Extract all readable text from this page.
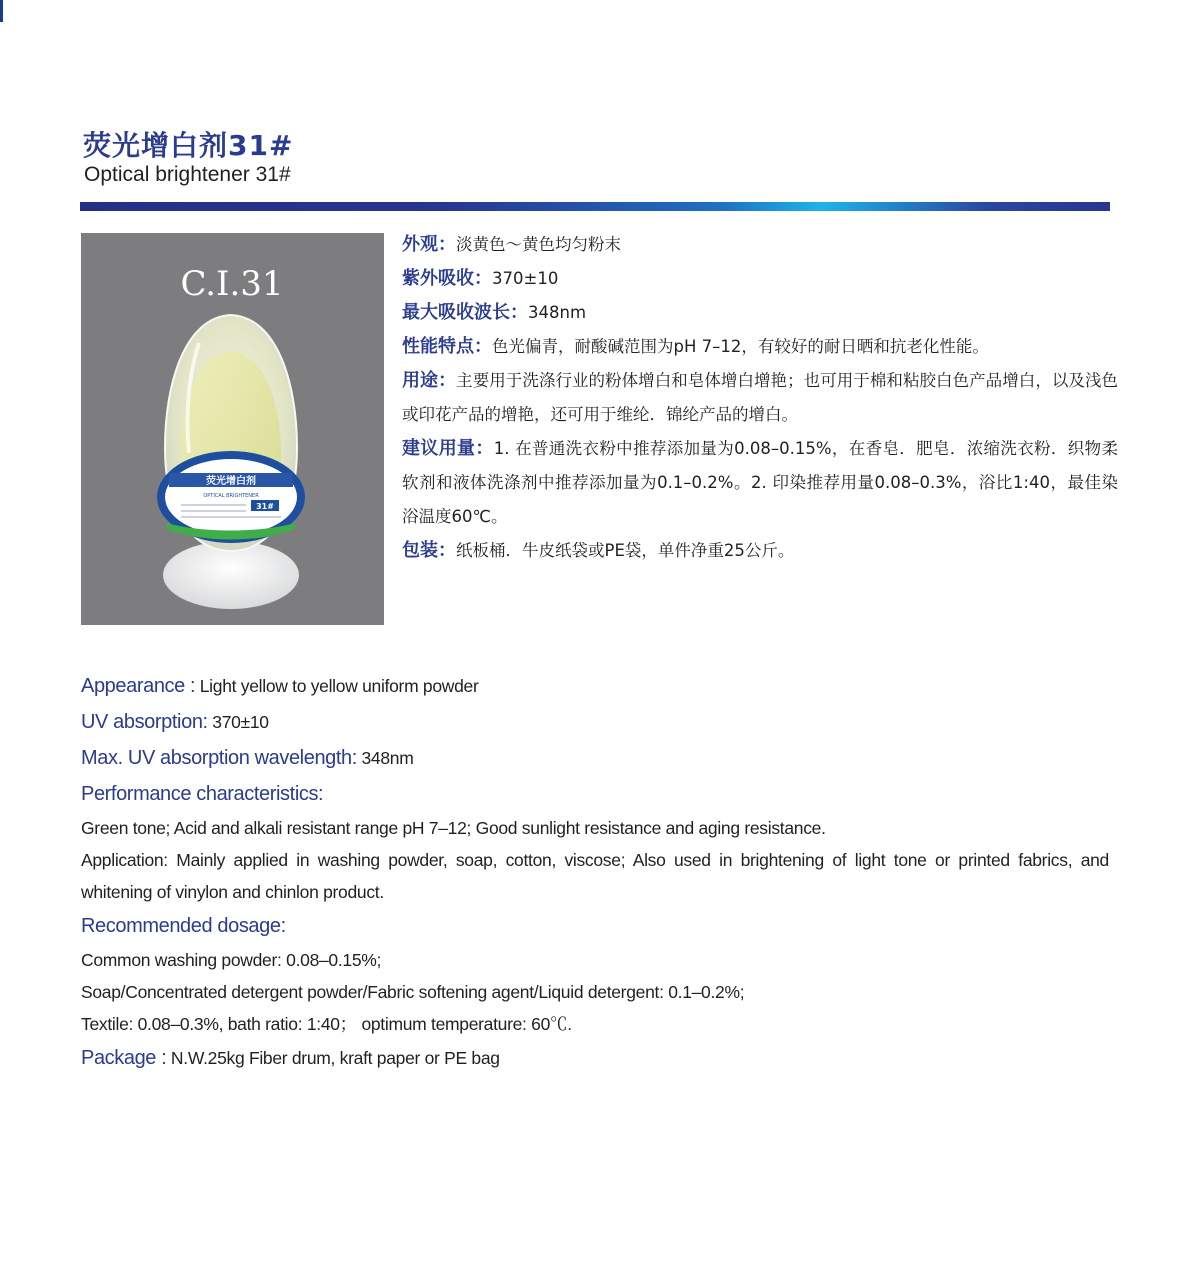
荧光增白剂31#
Optical brightener 31#
C.I.31
荧光增白剂
OPTICAL BRIGHTENER
31#

外观：淡黄色～黄色均匀粉末

紫外吸收：370±10

最大吸收波长：348nm

性能特点：色光偏青，耐酸碱范围为pH 7–12，有较好的耐日晒和抗老化性能。

用途：主要用于洗涤行业的粉体增白和皂体增白增艳；也可用于棉和粘胶白色产品增白，以及浅色或印花产品的增艳，还可用于维纶．锦纶产品的增白。

建议用量：1. 在普通洗衣粉中推荐添加量为0.08–0.15%，在香皂．肥皂．浓缩洗衣粉．织物柔软剂和液体洗涤剂中推荐添加量为0.1–0.2%。2. 印染推荐用量0.08–0.3%，浴比1:40，最佳染浴温度60℃。

包装：纸板桶．牛皮纸袋或PE袋，单件净重25公斤。

Appearance : Light yellow to yellow uniform powder

UV absorption: 370±10

Max. UV absorption wavelength: 348nm

Performance characteristics:

Green tone; Acid and alkali resistant range pH 7–12; Good sunlight resistance and aging resistance.

Application: Mainly applied in washing powder, soap, cotton, viscose; Also used in brightening of light tone or printed fabrics, and whitening of vinylon and chinlon product.

Recommended dosage:

Common washing powder: 0.08–0.15%;

Soap/Concentrated detergent powder/Fabric softening agent/Liquid detergent: 0.1–0.2%;

Textile: 0.08–0.3%, bath ratio: 1:40； optimum temperature: 60℃.

Package : N.W.25kg Fiber drum, kraft paper or PE bag
